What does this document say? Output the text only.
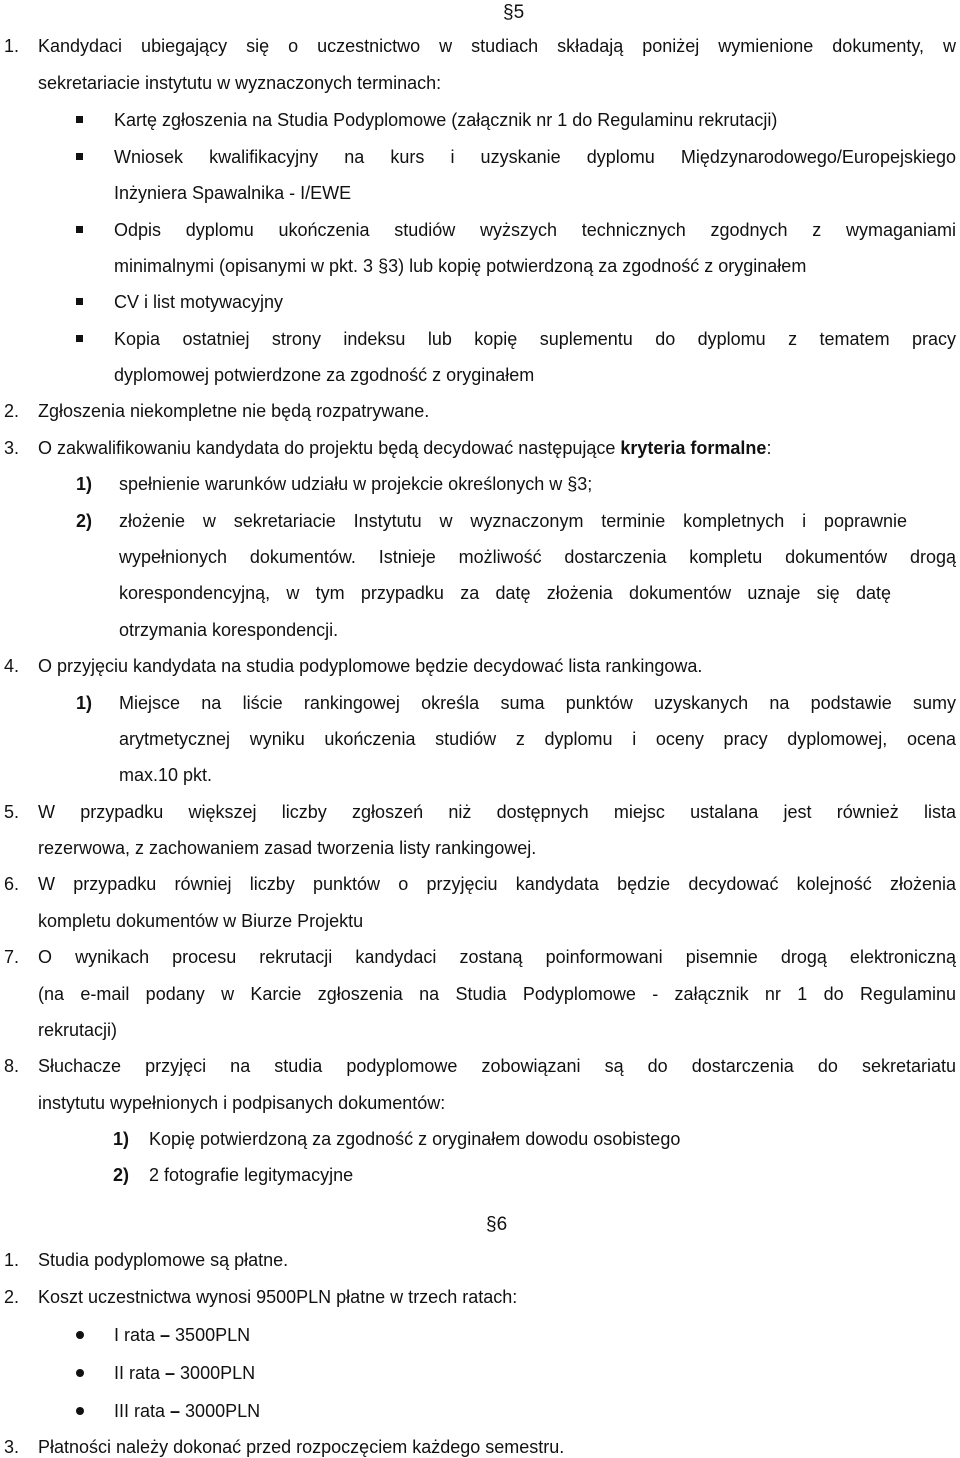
§5
1. Kandydaci ubiegający się o uczestnictwo w studiach składają poniżej wymienione dokumenty, w
sekretariacie instytutu w wyznaczonych terminach:
Kartę zgłoszenia na Studia Podyplomowe (załącznik nr 1 do Regulaminu rekrutacji)
Wniosek kwalifikacyjny na kurs i uzyskanie dyplomu Międzynarodowego/Europejskiego
Inżyniera Spawalnika - I/EWE
Odpis dyplomu ukończenia studiów wyższych technicznych zgodnych z wymaganiami
minimalnymi (opisanymi w pkt. 3 §3) lub kopię potwierdzoną za zgodność z oryginałem
CV i list motywacyjny
Kopia ostatniej strony indeksu lub kopię suplementu do dyplomu z tematem pracy
dyplomowej potwierdzone za zgodność z oryginałem
2. Zgłoszenia niekompletne nie będą rozpatrywane.
3. O zakwalifikowaniu kandydata do projektu będą decydować następujące kryteria formalne:
1) spełnienie warunków udziału w projekcie określonych w §3;
2) złożenie w sekretariacie Instytutu w wyznaczonym terminie kompletnych i poprawnie
wypełnionych dokumentów. Istnieje możliwość dostarczenia kompletu dokumentów drogą
korespondencyjną, w tym przypadku za datę złożenia dokumentów uznaje się datę
otrzymania korespondencji.
4. O przyjęciu kandydata na studia podyplomowe będzie decydować lista rankingowa.
1) Miejsce na liście rankingowej określa suma punktów uzyskanych na podstawie sumy
arytmetycznej wyniku ukończenia studiów z dyplomu i oceny pracy dyplomowej, ocena
max.10 pkt.
5. W przypadku większej liczby zgłoszeń niż dostępnych miejsc ustalana jest również lista
rezerwowa, z zachowaniem zasad tworzenia listy rankingowej.
6. W przypadku równiej liczby punktów o przyjęciu kandydata będzie decydować kolejność złożenia
kompletu dokumentów w Biurze Projektu
7. O wynikach procesu rekrutacji kandydaci zostaną poinformowani pisemnie drogą elektroniczną
(na e-mail podany w Karcie zgłoszenia na Studia Podyplomowe - załącznik nr 1 do Regulaminu
rekrutacji)
8. Słuchacze przyjęci na studia podyplomowe zobowiązani są do dostarczenia do sekretariatu
instytutu wypełnionych i podpisanych dokumentów:
1) Kopię potwierdzoną za zgodność z oryginałem dowodu osobistego
2) 2 fotografie legitymacyjne
§6
1. Studia podyplomowe są płatne.
2. Koszt uczestnictwa wynosi 9500PLN płatne w trzech ratach:
I rata – 3500PLN
II rata – 3000PLN
III rata – 3000PLN
3. Płatności należy dokonać przed rozpoczęciem każdego semestru.
